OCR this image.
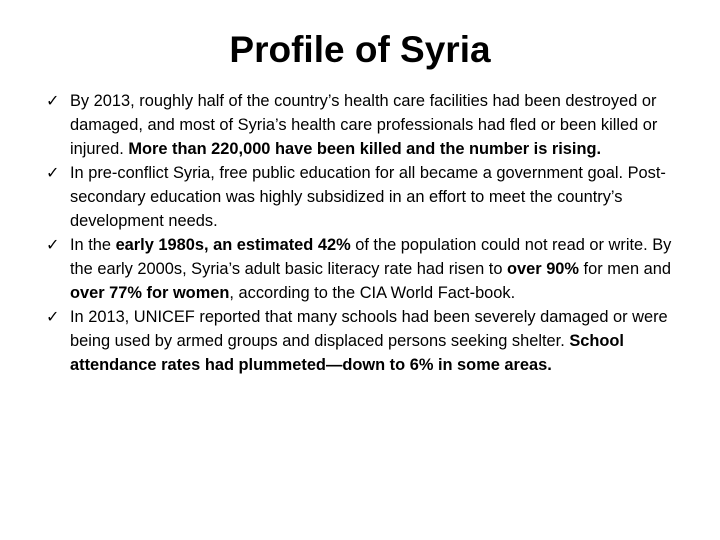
Profile of Syria
✓ By 2013, roughly half of the country’s health care facilities had been destroyed or damaged, and most of Syria’s health care professionals had fled or been killed or injured. More than 220,000 have been killed and the number is rising.
✓ In pre-conflict Syria, free public education for all became a government goal. Post-secondary education was highly subsidized in an effort to meet the country’s development needs.
✓ In the early 1980s, an estimated 42% of the population could not read or write. By the early 2000s, Syria’s adult basic literacy rate had risen to over 90% for men and over 77% for women, according to the CIA World Fact-book.
✓ In 2013, UNICEF reported that many schools had been severely damaged or were being used by armed groups and displaced persons seeking shelter. School attendance rates had plummeted—down to 6% in some areas.
